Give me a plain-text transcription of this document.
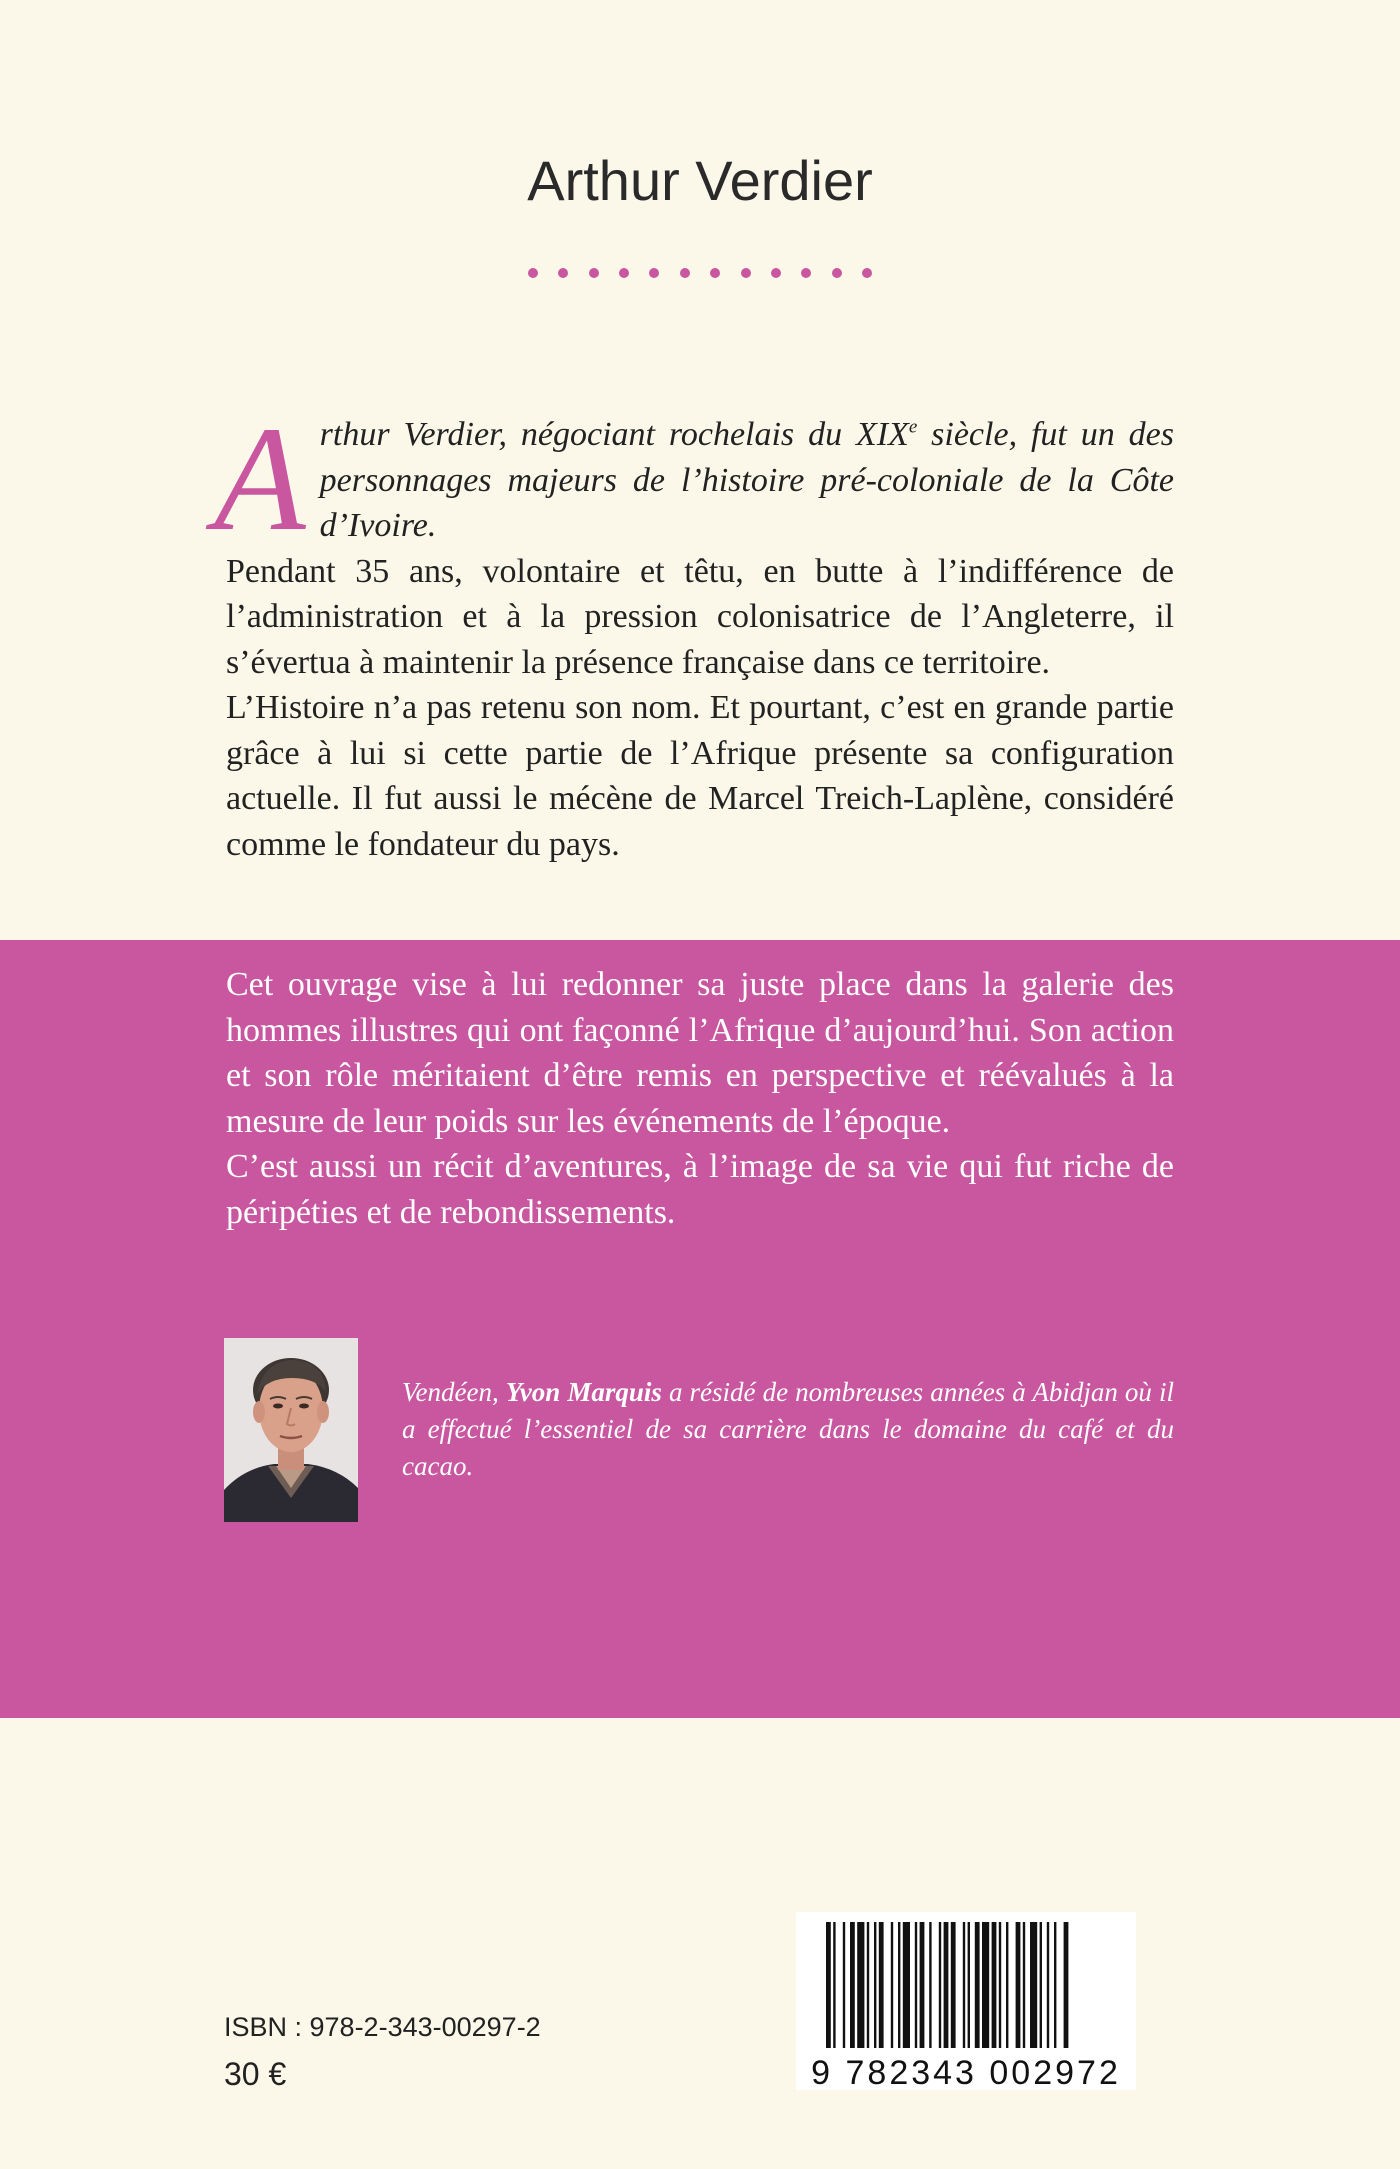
Arthur Verdier

Arthur Verdier, négociant rochelais du XIXe siècle, fut un des personnages majeurs de l’histoire pré-coloniale de la Côte d’Ivoire.

Pendant 35 ans, volontaire et têtu, en butte à l’indifférence de l’administration et à la pression colonisatrice de l’Angleterre, il s’évertua à maintenir la présence française dans ce territoire.

L’Histoire n’a pas retenu son nom. Et pourtant, c’est en grande partie grâce à lui si cette partie de l’Afrique présente sa configuration actuelle. Il fut aussi le mécène de Marcel Treich-Laplène, considéré comme le fondateur du pays.

Cet ouvrage vise à lui redonner sa juste place dans la galerie des hommes illustres qui ont façonné l’Afrique d’aujourd’hui. Son action et son rôle méritaient d’être remis en perspective et réévalués à la mesure de leur poids sur les événements de l’époque.

C’est aussi un récit d’aventures, à l’image de sa vie qui fut riche de péripéties et de rebondissements.

Vendéen, Yvon Marquis a résidé de nombreuses années à Abidjan où il a effectué l’essentiel de sa carrière dans le domaine du café et du cacao.
ISBN : 978-2-343-00297-2
30 €	9 782343 002972
